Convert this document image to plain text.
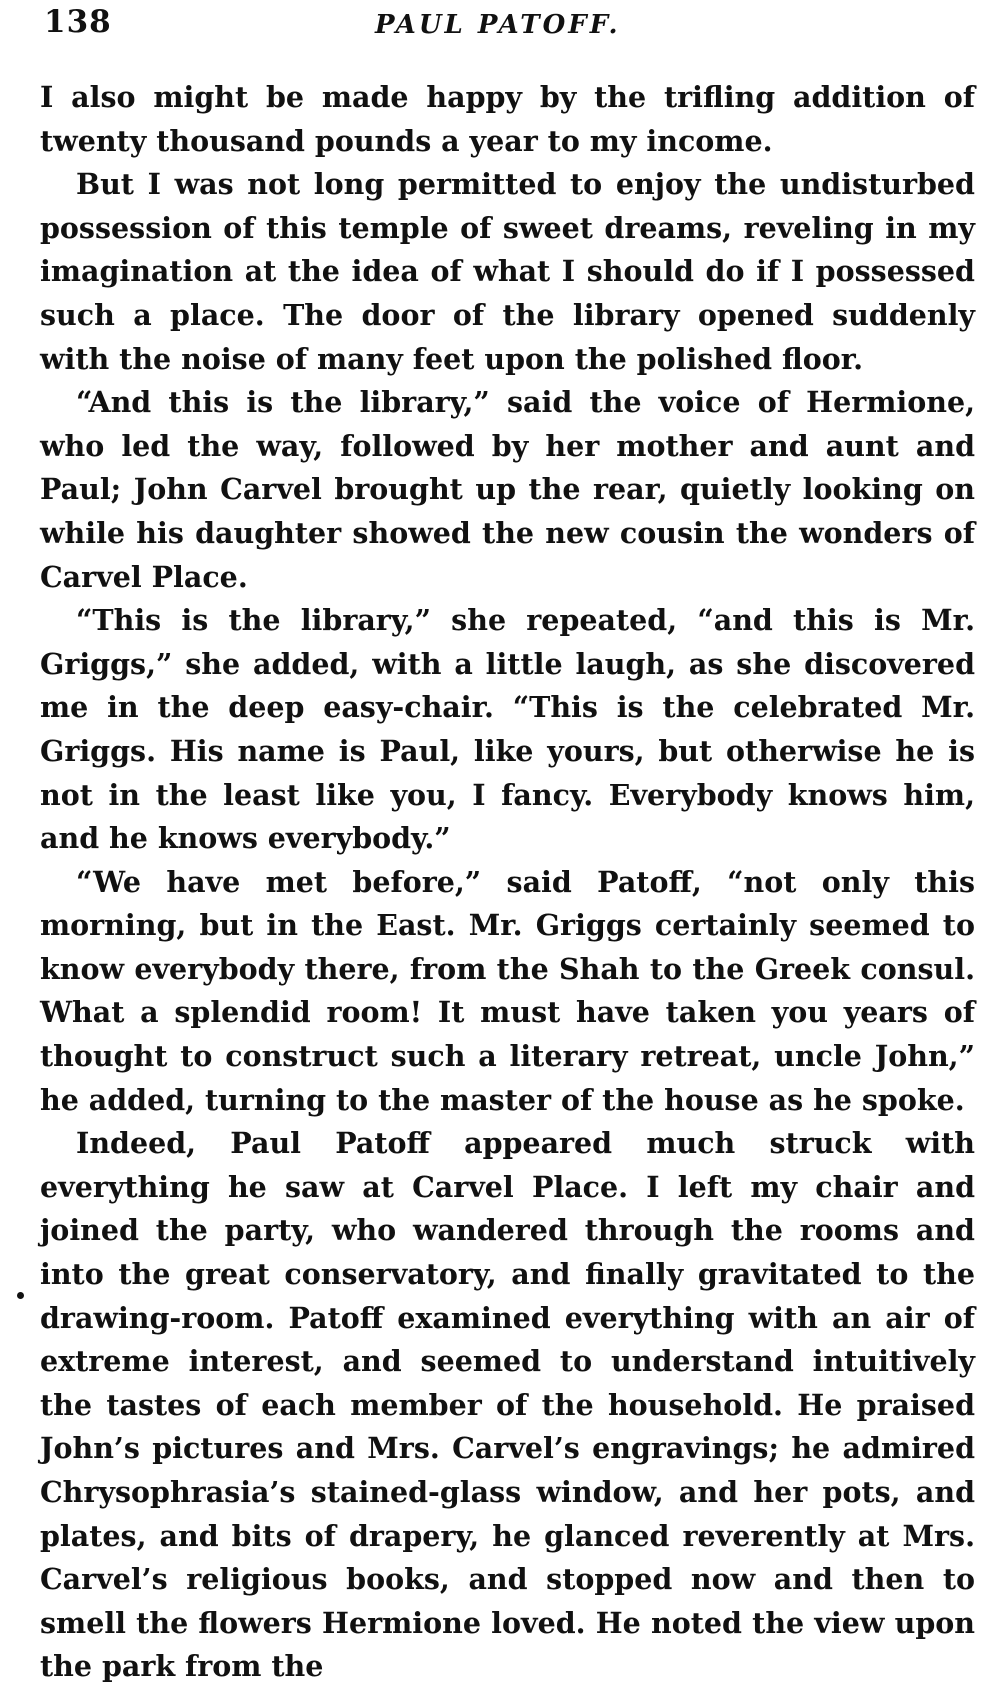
138	PAUL PATOFF.

I also might be made happy by the trifling addition of twenty thousand pounds a year to my income.

But I was not long permitted to enjoy the undisturbed possession of this temple of sweet dreams, reveling in my imagination at the idea of what I should do if I possessed such a place. The door of the library opened suddenly with the noise of many feet upon the polished floor.

“And this is the library,” said the voice of Hermione, who led the way, followed by her mother and aunt and Paul; John Carvel brought up the rear, quietly looking on while his daughter showed the new cousin the wonders of Carvel Place.

“This is the library,” she repeated, “and this is Mr. Griggs,” she added, with a little laugh, as she discovered me in the deep easy-chair. “This is the celebrated Mr. Griggs. His name is Paul, like yours, but otherwise he is not in the least like you, I fancy. Everybody knows him, and he knows everybody.”

“We have met before,” said Patoff, “not only this morning, but in the East. Mr. Griggs certainly seemed to know everybody there, from the Shah to the Greek consul. What a splendid room! It must have taken you years of thought to construct such a literary retreat, uncle John,” he added, turning to the master of the house as he spoke.

Indeed, Paul Patoff appeared much struck with everything he saw at Carvel Place. I left my chair and joined the party, who wandered through the rooms and into the great conservatory, and finally gravitated to the drawing-room. Patoff examined everything with an air of extreme interest, and seemed to understand intuitively the tastes of each member of the household. He praised John’s pictures and Mrs. Carvel’s engravings; he admired Chrysophrasia’s stained-glass window, and her pots, and plates, and bits of drapery, he glanced reverently at Mrs. Carvel’s religious books, and stopped now and then to smell the flowers Hermione loved. He noted the view upon the park from the
